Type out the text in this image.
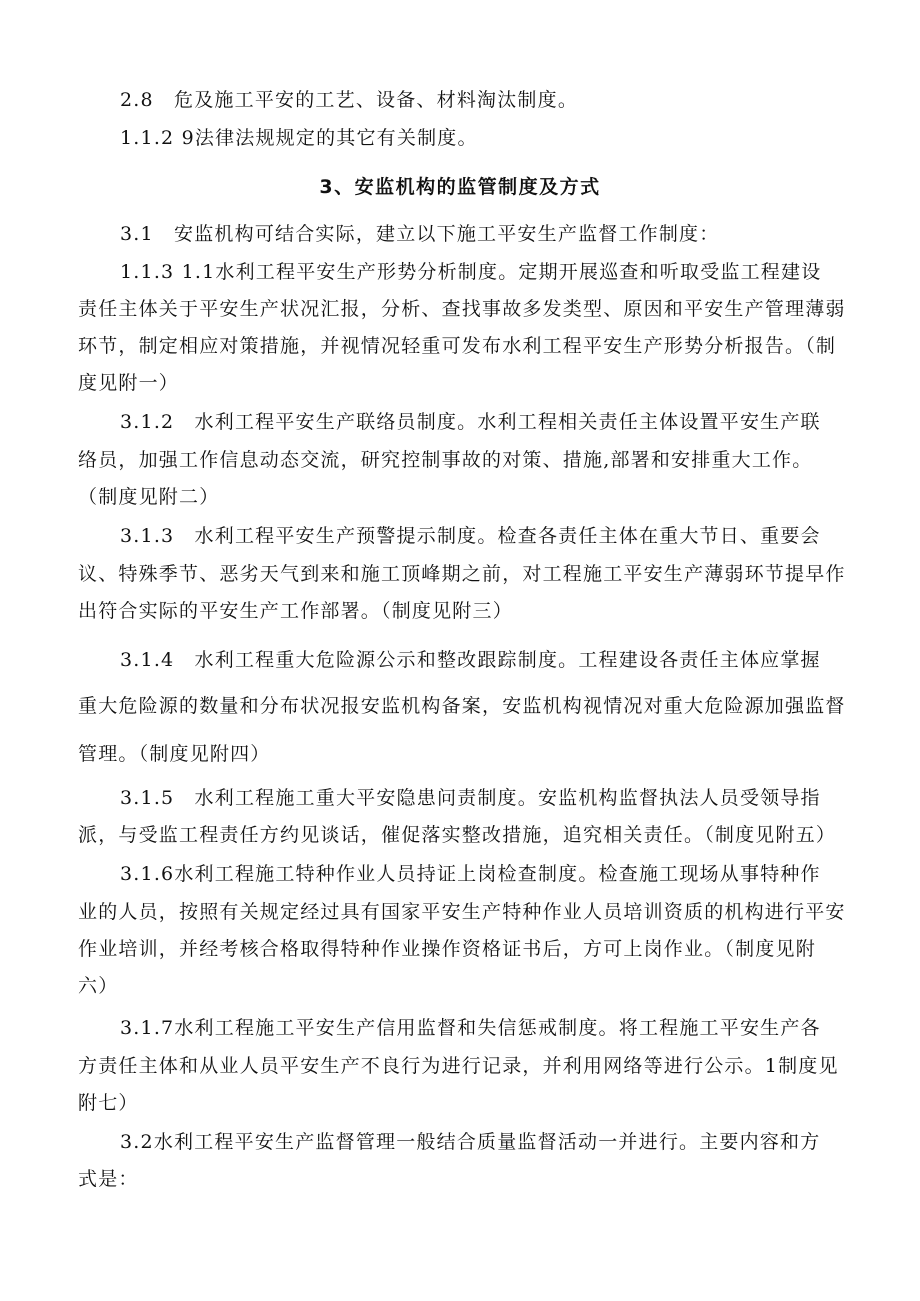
2.8　危及施工平安的工艺、设备、材料淘汰制度。
1.1.2 9法律法规规定的其它有关制度。
3、安监机构的监管制度及方式
3.1　安监机构可结合实际，建立以下施工平安生产监督工作制度：
1.1.3 1.1水利工程平安生产形势分析制度。定期开展巡查和听取受监工程建设
责任主体关于平安生产状况汇报，分析、查找事故多发类型、原因和平安生产管理薄弱
环节，制定相应对策措施，并视情况轻重可发布水利工程平安生产形势分析报告。（制
度见附一）
3.1.2　水利工程平安生产联络员制度。水利工程相关责任主体设置平安生产联
络员，加强工作信息动态交流，研究控制事故的对策、措施,部署和安排重大工作。
（制度见附二）
3.1.3　水利工程平安生产预警提示制度。检查各责任主体在重大节日、重要会
议、特殊季节、恶劣天气到来和施工顶峰期之前，对工程施工平安生产薄弱环节提早作
出符合实际的平安生产工作部署。（制度见附三）
3.1.4　水利工程重大危险源公示和整改跟踪制度。工程建设各责任主体应掌握
重大危险源的数量和分布状况报安监机构备案，安监机构视情况对重大危险源加强监督
管理。（制度见附四）
3.1.5　水利工程施工重大平安隐患问责制度。安监机构监督执法人员受领导指
派，与受监工程责任方约见谈话，催促落实整改措施，追究相关责任。（制度见附五）
3.1.6水利工程施工特种作业人员持证上岗检查制度。检查施工现场从事特种作
业的人员，按照有关规定经过具有国家平安生产特种作业人员培训资质的机构进行平安
作业培训，并经考核合格取得特种作业操作资格证书后，方可上岗作业。（制度见附
六）
3.1.7水利工程施工平安生产信用监督和失信惩戒制度。将工程施工平安生产各
方责任主体和从业人员平安生产不良行为进行记录，并利用网络等进行公示。1制度见
附七）
3.2水利工程平安生产监督管理一般结合质量监督活动一并进行。主要内容和方
式是：
